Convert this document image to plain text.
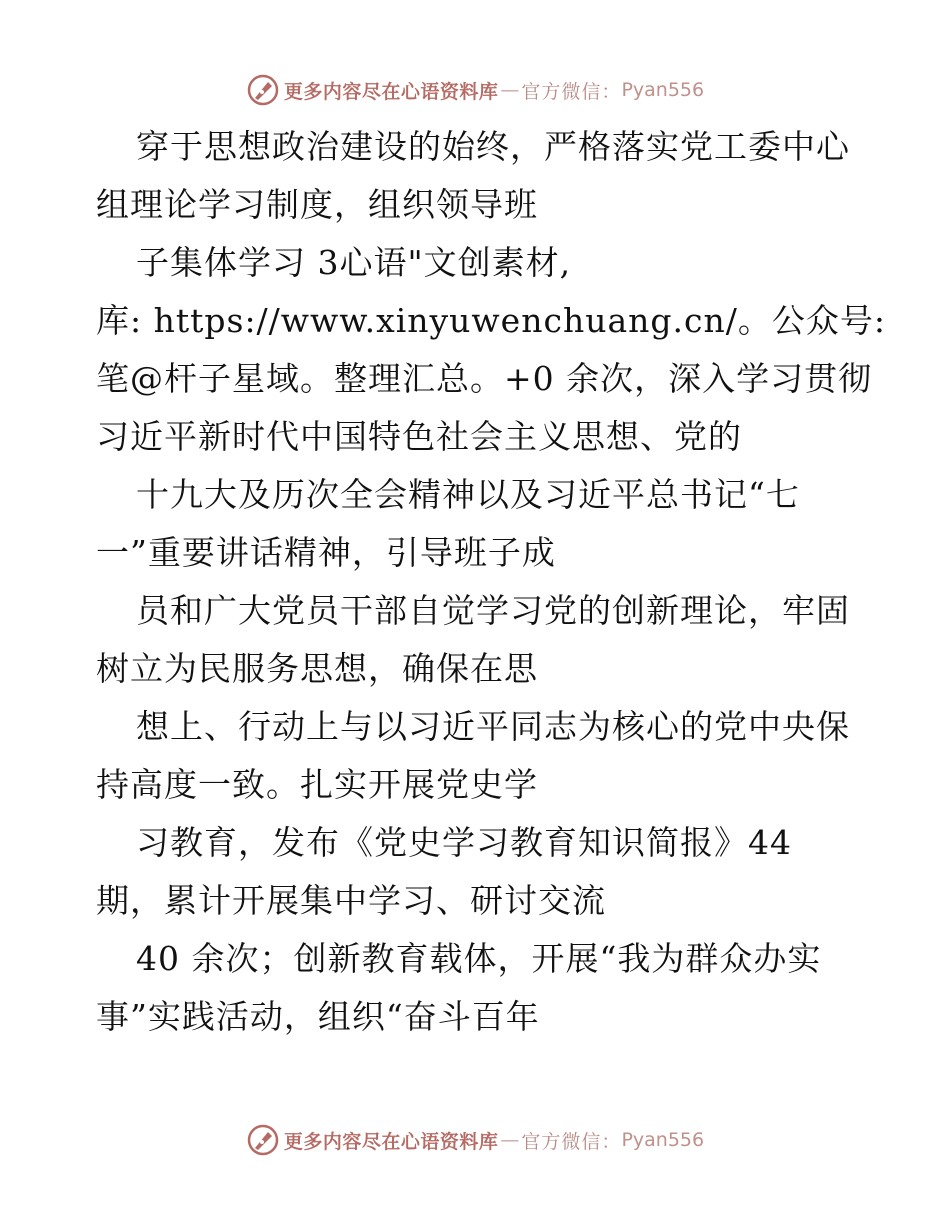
更多内容尽在心语资料库 — 官方微信： Pyan556
穿于思想政治建设的始终，严格落实党工委中心
组理论学习制度，组织领导班
子集体学习 3心语"文创素材,
库: https://www.xinyuwenchuang.cn/。公众号:
笔@杆子星域。整理汇总。+0 余次，深入学习贯彻
习近平新时代中国特色社会主义思想、党的
十九大及历次全会精神以及习近平总书记“七
一”重要讲话精神，引导班子成
员和广大党员干部自觉学习党的创新理论，牢固
树立为民服务思想，确保在思
想上、行动上与以习近平同志为核心的党中央保
持高度一致。扎实开展党史学
习教育，发布《党史学习教育知识简报》44
期，累计开展集中学习、研讨交流
40 余次；创新教育载体，开展“我为群众办实
事”实践活动，组织“奋斗百年
更多内容尽在心语资料库 — 官方微信： Pyan556
